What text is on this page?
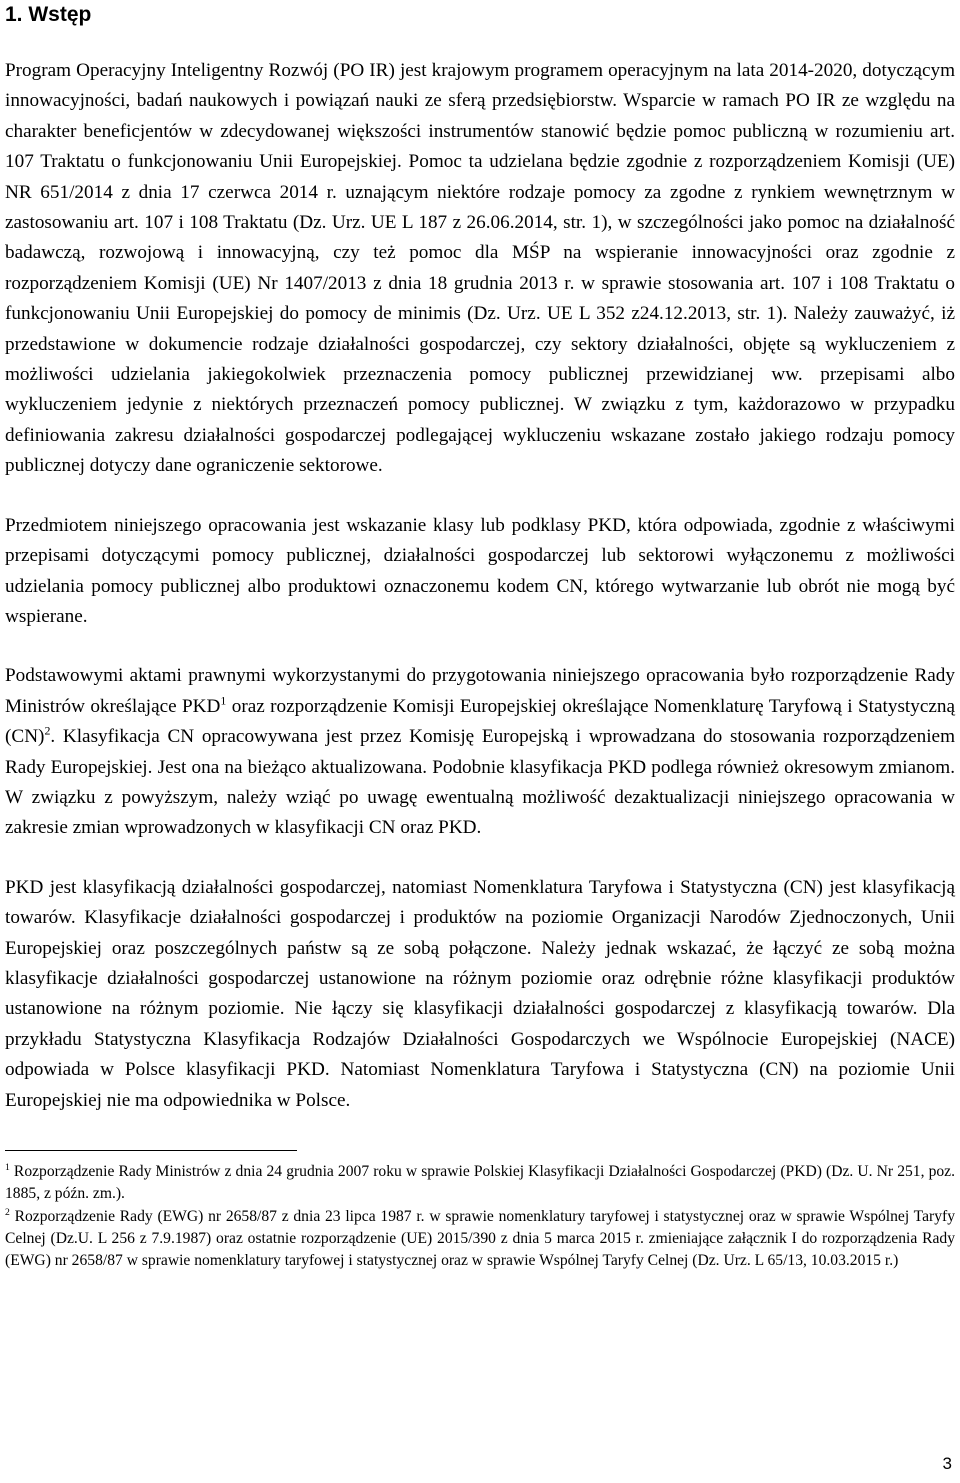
1. Wstęp

Program Operacyjny Inteligentny Rozwój (PO IR) jest krajowym programem operacyjnym na lata 2014-2020, dotyczącym innowacyjności, badań naukowych i powiązań nauki ze sferą przedsiębiorstw. Wsparcie w ramach PO IR ze względu na charakter beneficjentów w zdecydowanej większości instrumentów stanowić będzie pomoc publiczną w rozumieniu art. 107 Traktatu o funkcjonowaniu Unii Europejskiej. Pomoc ta udzielana będzie zgodnie z rozporządzeniem Komisji (UE) NR 651/2014 z dnia 17 czerwca 2014 r. uznającym niektóre rodzaje pomocy za zgodne z rynkiem wewnętrznym w zastosowaniu art. 107 i 108 Traktatu (Dz. Urz. UE L 187 z 26.06.2014, str. 1), w szczególności jako pomoc na działalność badawczą, rozwojową i innowacyjną, czy też pomoc dla MŚP na wspieranie innowacyjności oraz zgodnie z rozporządzeniem Komisji (UE) Nr 1407/2013 z dnia 18 grudnia 2013 r. w sprawie stosowania art. 107 i 108 Traktatu o funkcjonowaniu Unii Europejskiej do pomocy de minimis (Dz. Urz. UE L 352 z24.12.2013, str. 1). Należy zauważyć, iż przedstawione w dokumencie rodzaje działalności gospodarczej, czy sektory działalności, objęte są wykluczeniem z możliwości udzielania jakiegokolwiek przeznaczenia pomocy publicznej przewidzianej ww. przepisami albo wykluczeniem jedynie z niektórych przeznaczeń pomocy publicznej. W związku z tym, każdorazowo w przypadku definiowania zakresu działalności gospodarczej podlegającej wykluczeniu wskazane zostało jakiego rodzaju pomocy publicznej dotyczy dane ograniczenie sektorowe.

Przedmiotem niniejszego opracowania jest wskazanie klasy lub podklasy PKD, która odpowiada, zgodnie z właściwymi przepisami dotyczącymi pomocy publicznej, działalności gospodarczej lub sektorowi wyłączonemu z możliwości udzielania pomocy publicznej albo produktowi oznaczonemu kodem CN, którego wytwarzanie lub obrót nie mogą być wspierane.

Podstawowymi aktami prawnymi wykorzystanymi do przygotowania niniejszego opracowania było rozporządzenie Rady Ministrów określające PKD$^1$ oraz rozporządzenie Komisji Europejskiej określające Nomenklaturę Taryfową i Statystyczną (CN)$^2$. Klasyfikacja CN opracowywana jest przez Komisję Europejską i wprowadzana do stosowania rozporządzeniem Rady Europejskiej. Jest ona na bieżąco aktualizowana. Podobnie klasyfikacja PKD podlega również okresowym zmianom. W związku z powyższym, należy wziąć po uwagę ewentualną możliwość dezaktualizacji niniejszego opracowania w zakresie zmian wprowadzonych w klasyfikacji CN oraz PKD.

PKD jest klasyfikacją działalności gospodarczej, natomiast Nomenklatura Taryfowa i Statystyczna (CN) jest klasyfikacją towarów. Klasyfikacje działalności gospodarczej i produktów na poziomie Organizacji Narodów Zjednoczonych, Unii Europejskiej oraz poszczególnych państw są ze sobą połączone. Należy jednak wskazać, że łączyć ze sobą można klasyfikacje działalności gospodarczej ustanowione na różnym poziomie oraz odrębnie różne klasyfikacji produktów ustanowione na różnym poziomie. Nie łączy się klasyfikacji działalności gospodarczej z klasyfikacją towarów. Dla przykładu Statystyczna Klasyfikacja Rodzajów Działalności Gospodarczych we Wspólnocie Europejskiej (NACE) odpowiada w Polsce klasyfikacji PKD. Natomiast Nomenklatura Taryfowa i Statystyczna (CN) na poziomie Unii Europejskiej nie ma odpowiednika w Polsce.

$^1$ Rozporządzenie Rady Ministrów z dnia 24 grudnia 2007 roku w sprawie Polskiej Klasyfikacji Działalności Gospodarczej (PKD) (Dz. U. Nr 251, poz. 1885, z późn. zm.).

$^2$ Rozporządzenie Rady (EWG) nr 2658/87 z dnia 23 lipca 1987 r. w sprawie nomenklatury taryfowej i statystycznej oraz w sprawie Wspólnej Taryfy Celnej (Dz.U. L 256 z 7.9.1987) oraz ostatnie rozporządzenie (UE) 2015/390 z dnia 5 marca 2015 r. zmieniające załącznik I do rozporządzenia Rady (EWG) nr 2658/87 w sprawie nomenklatury taryfowej i statystycznej oraz w sprawie Wspólnej Taryfy Celnej (Dz. Urz. L 65/13, 10.03.2015 r.)

3
